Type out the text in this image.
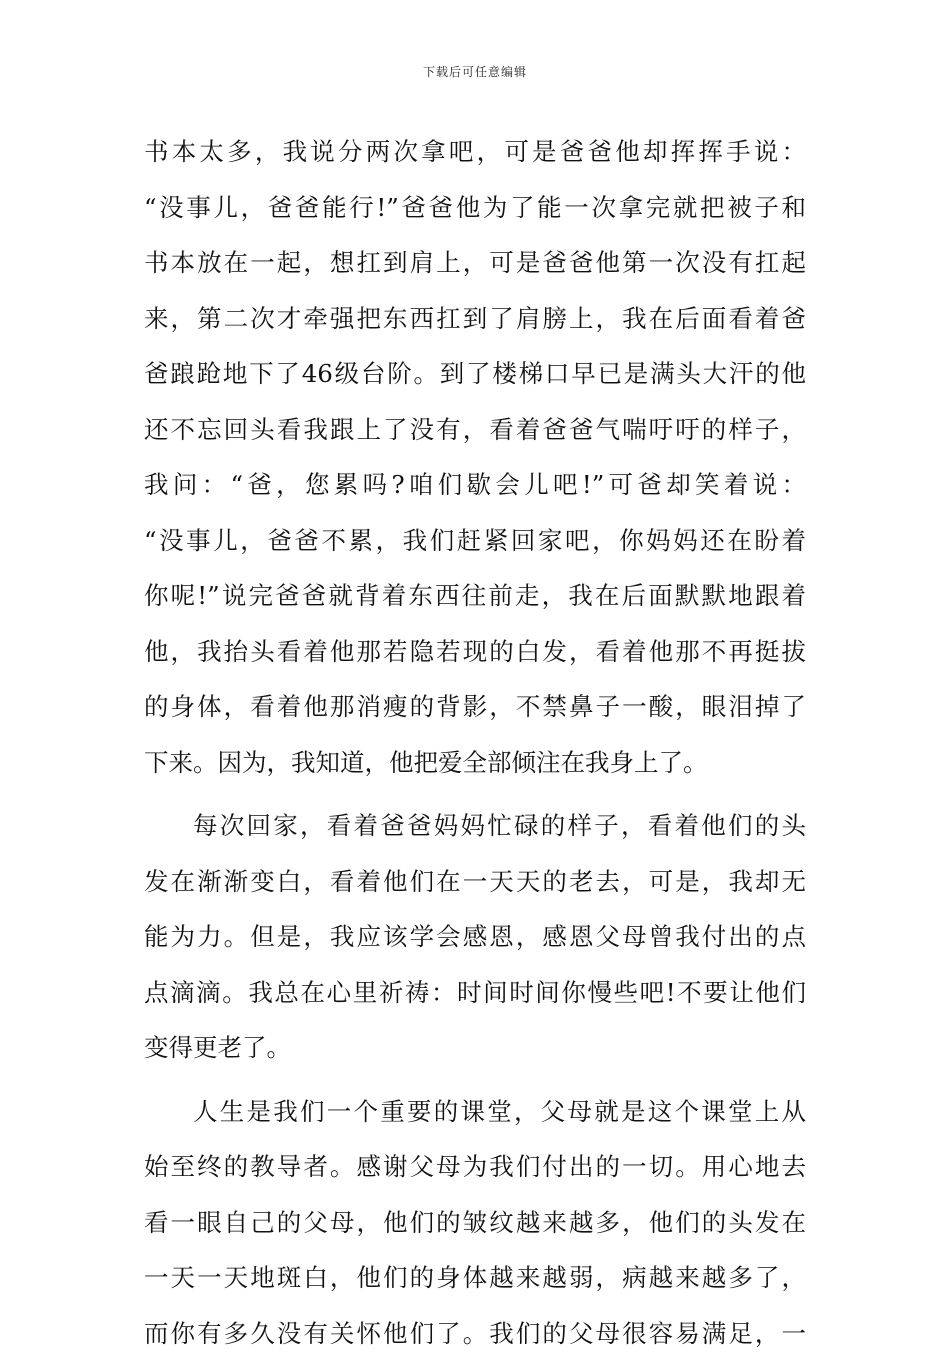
下载后可任意编辑
书本太多，我说分两次拿吧，可是爸爸他却挥挥手说：
“没事儿，爸爸能行!”爸爸他为了能一次拿完就把被子和
书本放在一起，想扛到肩上，可是爸爸他第一次没有扛起
来，第二次才牵强把东西扛到了肩膀上，我在后面看着爸
爸踉跄地下了46级台阶。到了楼梯口早已是满头大汗的他
还不忘回头看我跟上了没有，看着爸爸气喘吁吁的样子，
我问：“爸，您累吗?咱们歇会儿吧!”可爸却笑着说：
“没事儿，爸爸不累，我们赶紧回家吧，你妈妈还在盼着
你呢!”说完爸爸就背着东西往前走，我在后面默默地跟着
他，我抬头看着他那若隐若现的白发，看着他那不再挺拔
的身体，看着他那消瘦的背影，不禁鼻子一酸，眼泪掉了
下来。因为，我知道，他把爱全部倾注在我身上了。
每次回家，看着爸爸妈妈忙碌的样子，看着他们的头
发在渐渐变白，看着他们在一天天的老去，可是，我却无
能为力。但是，我应该学会感恩，感恩父母曾我付出的点
点滴滴。我总在心里祈祷：时间时间你慢些吧!不要让他们
变得更老了。
人生是我们一个重要的课堂，父母就是这个课堂上从
始至终的教导者。感谢父母为我们付出的一切。用心地去
看一眼自己的父母，他们的皱纹越来越多，他们的头发在
一天一天地斑白，他们的身体越来越弱，病越来越多了，
而你有多久没有关怀他们了。我们的父母很容易满足，一
